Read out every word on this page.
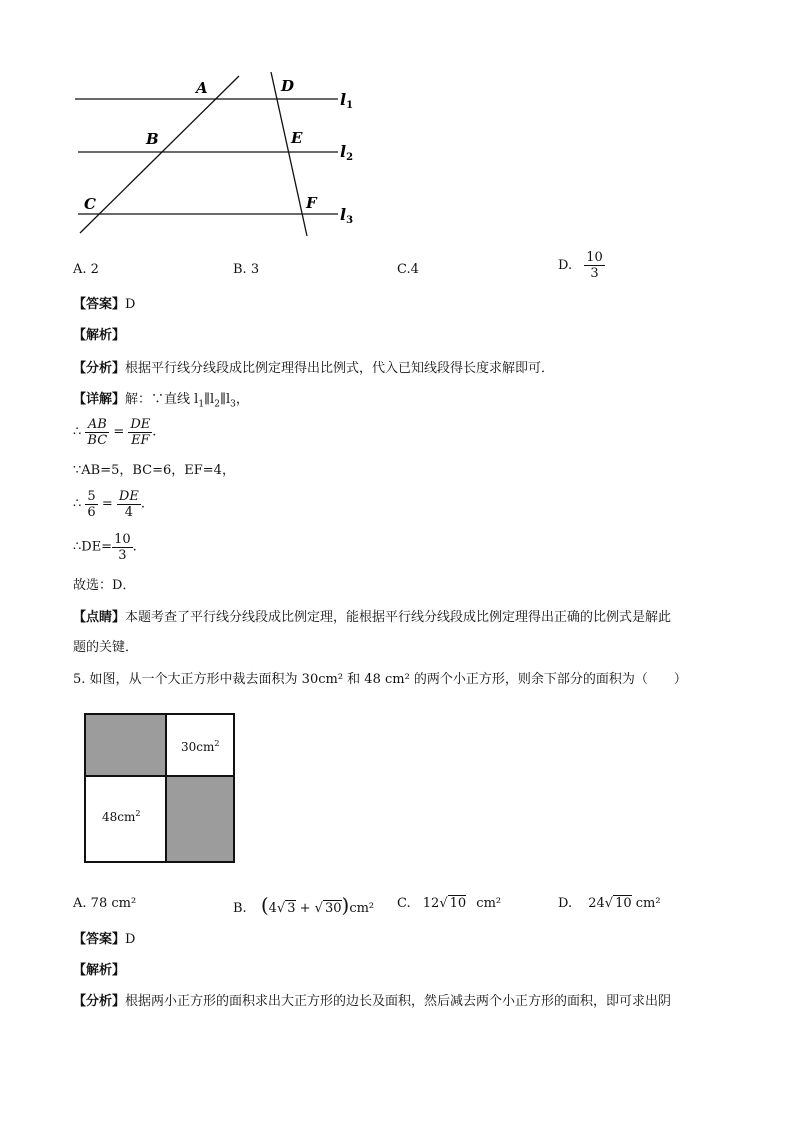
A
B
C
D
E
F
l1
l2
l3
A. 2	B. 3	C.4	D. $\frac{10}{3}$
【答案】D
【解析】
【分析】根据平行线分线段成比例定理得出比例式，代入已知线段得长度求解即可．
【详解】解：∵直线 $l_1\parallel l_2\parallel l_3$，
∴ $\frac{AB}{BC} = \frac{DE}{EF}$ .
∵AB=5，BC=6，EF=4，
∴ $\frac{5}{6} = \frac{DE}{4}$ .
∴DE= $\frac{10}{3}$ .
故选：D．
【点睛】本题考查了平行线分线段成比例定理，能根据平行线分线段成比例定理得出正确的比例式是解此
题的关键．
5. 如图，从一个大正方形中裁去面积为 30cm² 和 48 cm² 的两个小正方形，则余下部分的面积为（　　）
$30cm^2$
$48cm^2$
A. 78 cm²	B. (4√ 3 + √ 30)cm² C. 12√ 10 cm²	D. 24√ 10 cm²
【答案】D
【解析】
【分析】根据两小正方形的面积求出大正方形的边长及面积，然后减去两个小正方形的面积，即可求出阴
